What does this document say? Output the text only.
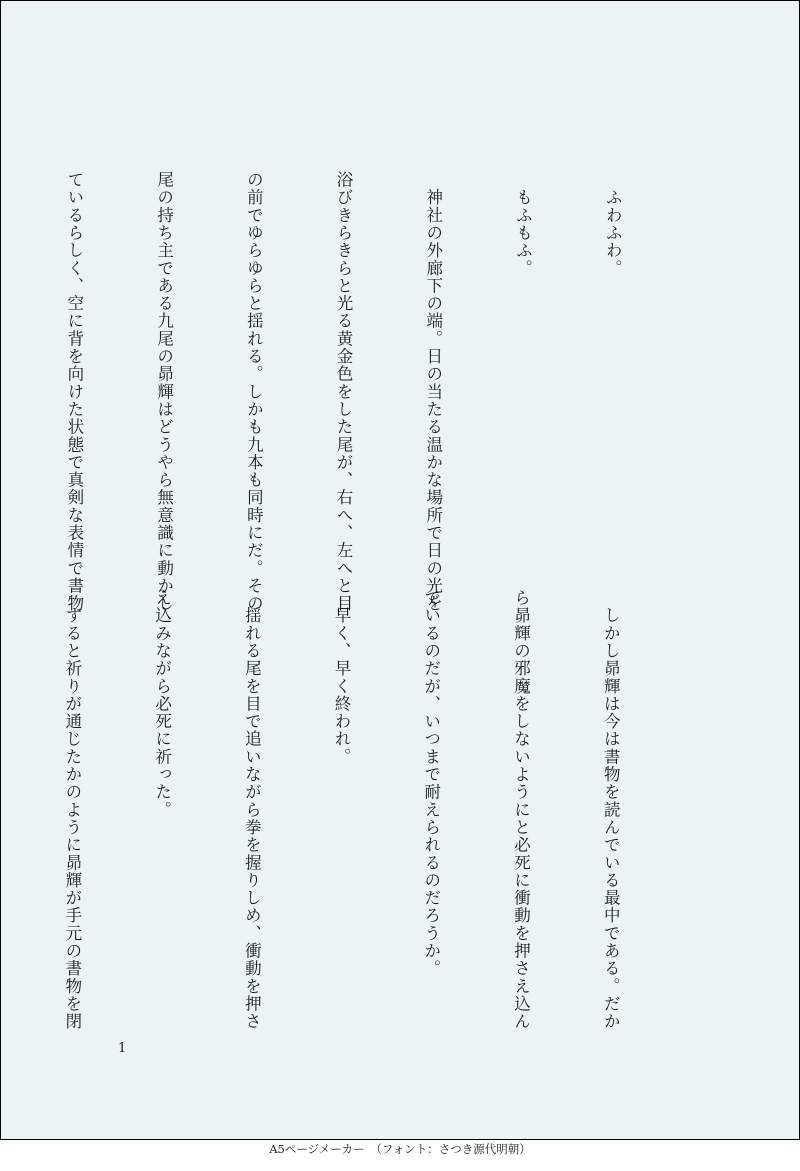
　ふわふわ。

　もふもふ。

　神社の外廊下の端。日の当たる温かな場所で日の光を

浴びきらきらと光る黄金色をした尾が、右へ、左へと目

の前でゆらゆらと揺れる。しかも九本も同時にだ。その

尾の持ち主である九尾の昴輝はどうやら無意識に動かし

ているらしく、空に背を向けた状態で真剣な表情で書物

　しかし昴輝は今は書物を読んでいる最中である。だか

ら昴輝の邪魔をしないようにと必死に衝動を押さえ込ん

でいるのだが、いつまで耐えられるのだろうか。

　早く、早く終われ。

　揺れる尾を目で追いながら拳を握りしめ、衝動を押さ

え込みながら必死に祈った。

　すると祈りが通じたかのように昴輝が手元の書物を閉

1
A5ページメーカー　（フォント：さつき源代明朝）
